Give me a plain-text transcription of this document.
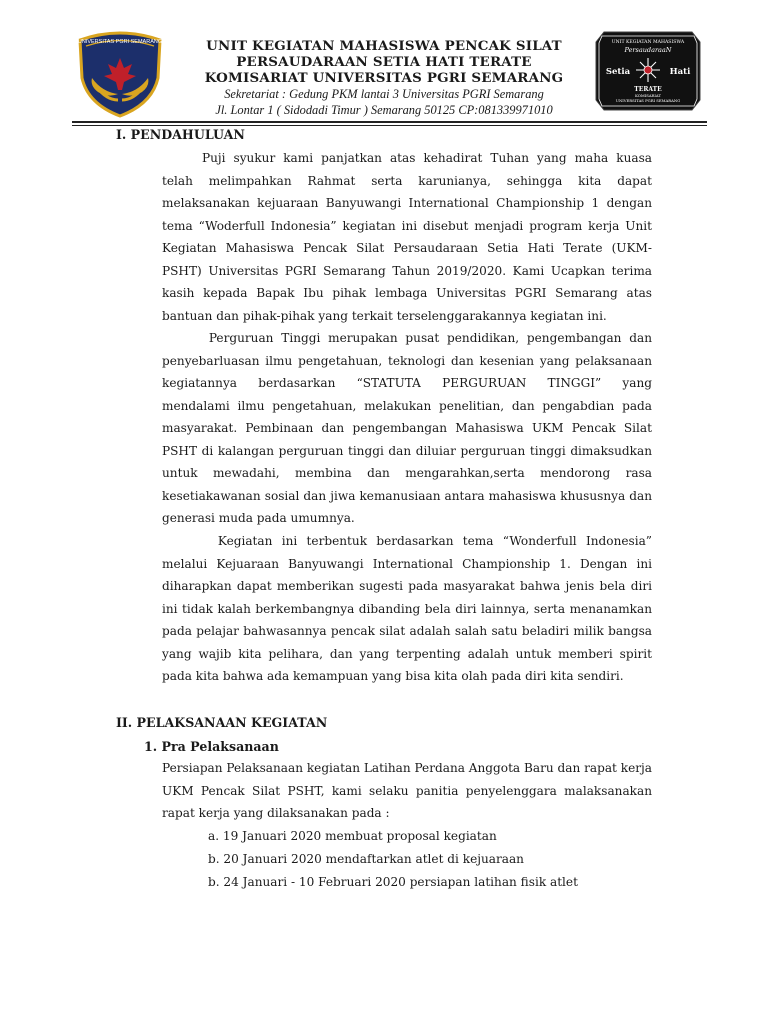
UNIVERSITAS PGRI SEMARANG	UNIT KEGIATAN MAHASISWA PENCAK SILAT
PERSAUDARAAN SETIA HATI TERATE
KOMISARIAT UNIVERSITAS PGRI SEMARANG
Sekretariat : Gedung PKM lantai 3 Universitas PGRI Semarang
Jl. Lontar 1 ( Sidodadi Timur ) Semarang 50125 CP:081339971010
UNIT KEGIATAN MAHASISWA
PersaudaraaN
Setia	Hati
TERATE
KOMISARIAT
UNIVERSITAS PGRI SEMARANG
I. PENDAHULUAN
Puji syukur kami panjatkan atas kehadirat Tuhan yang maha kuasa
telah melimpahkan Rahmat serta karunianya, sehingga kita dapat
melaksanakan kejuaraan Banyuwangi International Championship 1 dengan
tema “Woderfull Indonesia” kegiatan ini disebut menjadi program kerja Unit
Kegiatan Mahasiswa Pencak Silat Persaudaraan Setia Hati Terate (UKM-
PSHT) Universitas PGRI Semarang Tahun 2019/2020. Kami Ucapkan terima
kasih kepada Bapak Ibu pihak lembaga Universitas PGRI Semarang atas
bantuan dan pihak-pihak yang terkait terselenggarakannya kegiatan ini.
Perguruan Tinggi merupakan pusat pendidikan, pengembangan dan
penyebarluasan ilmu pengetahuan, teknologi dan kesenian yang pelaksanaan
kegiatannya berdasarkan “STATUTA PERGURUAN TINGGI” yang
mendalami ilmu pengetahuan, melakukan penelitian, dan pengabdian pada
masyarakat. Pembinaan dan pengembangan Mahasiswa UKM Pencak Silat
PSHT di kalangan perguruan tinggi dan diluiar perguruan tinggi dimaksudkan
untuk mewadahi, membina dan mengarahkan,serta mendorong rasa
kesetiakawanan sosial dan jiwa kemanusiaan antara mahasiswa khususnya dan
generasi muda pada umumnya.
Kegiatan ini terbentuk berdasarkan tema “Wonderfull Indonesia”
melalui Kejuaraan Banyuwangi International Championship 1. Dengan ini
diharapkan dapat memberikan sugesti pada masyarakat bahwa jenis bela diri
ini tidak kalah berkembangnya dibanding bela diri lainnya, serta menanamkan
pada pelajar bahwasannya pencak silat adalah salah satu beladiri milik bangsa
yang wajib kita pelihara, dan yang terpenting adalah untuk memberi spirit
pada kita bahwa ada kemampuan yang bisa kita olah pada diri kita sendiri.
II. PELAKSANAAN KEGIATAN
1. Pra Pelaksanaan
Persiapan Pelaksanaan kegiatan Latihan Perdana Anggota Baru dan rapat kerja
UKM Pencak Silat PSHT, kami selaku panitia penyelenggara malaksanakan
rapat kerja yang dilaksanakan pada :
a. 19 Januari 2020 membuat proposal kegiatan
b. 20 Januari 2020 mendaftarkan atlet di kejuaraan
b. 24 Januari - 10 Februari 2020 persiapan latihan fisik atlet
